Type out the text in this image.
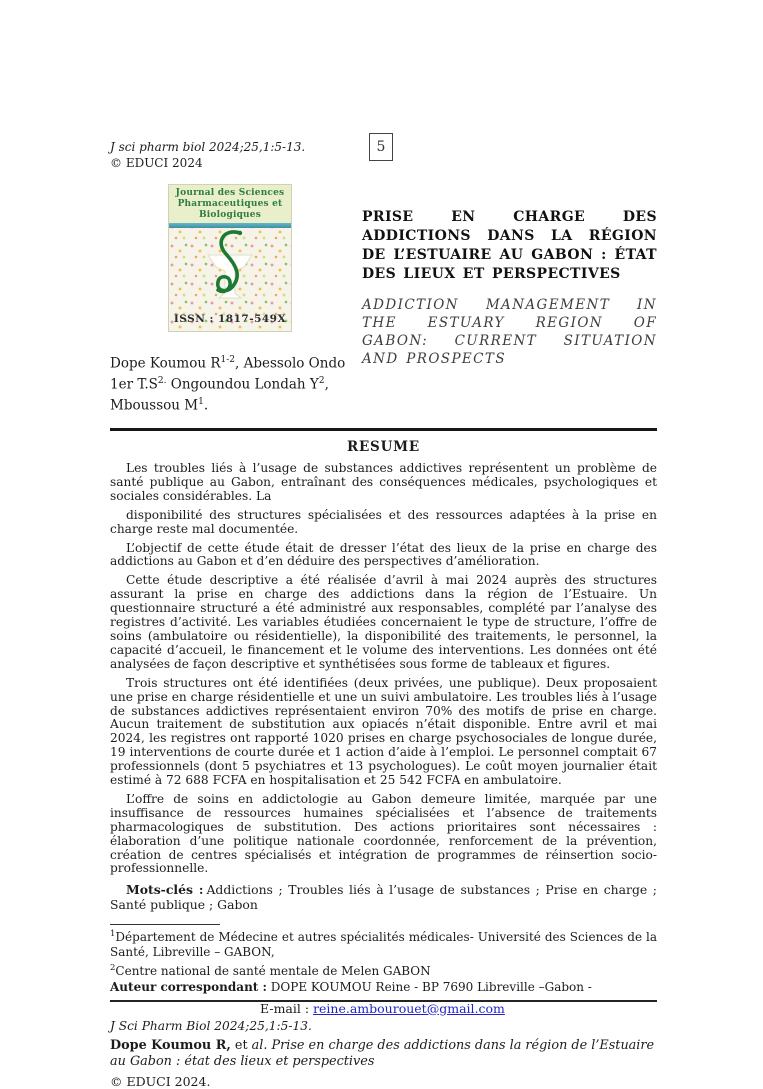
5
J sci pharm biol 2024;25,1:5-13.
© EDUCI 2024
Journal des Sciences
Pharmaceutiques et Biologiques
ISSN : 1817-549X
Dope Koumou $R^{1-2}$, Abessolo Ondo 1er $T.S^{2.}$ Ongoundou Londah $Y^2$, Mboussou $M^1$.
PRISE EN CHARGE DES ADDICTIONS DANS LA RÉGION DE L’ESTUAIRE AU GABON : ÉTAT DES LIEUX ET PERSPECTIVES
ADDICTION MANAGEMENT IN THE ESTUARY REGION OF GABON: CURRENT SITUATION AND PROSPECTS
RESUME

Les troubles liés à l’usage de substances addictives représentent un problème de santé publique au Gabon, entraînant des conséquences médicales, psychologiques et sociales considérables. La

disponibilité des structures spécialisées et des ressources adaptées à la prise en charge reste mal documentée.

L’objectif de cette étude était de dresser l’état des lieux de la prise en charge des addictions au Gabon et d’en déduire des perspectives d’amélioration.

Cette étude descriptive a été réalisée d’avril à mai 2024 auprès des structures assurant la prise en charge des addictions dans la région de l’Estuaire. Un questionnaire structuré a été administré aux responsables, complété par l’analyse des registres d’activité. Les variables étudiées concernaient le type de structure, l’offre de soins (ambulatoire ou résidentielle), la disponibilité des traitements, le personnel, la capacité d’accueil, le financement et le volume des interventions. Les données ont été analysées de façon descriptive et synthétisées sous forme de tableaux et figures.

Trois structures ont été identifiées (deux privées, une publique). Deux proposaient une prise en charge résidentielle et une un suivi ambulatoire. Les troubles liés à l’usage de substances addictives représentaient environ 70% des motifs de prise en charge. Aucun traitement de substitution aux opiacés n’était disponible. Entre avril et mai 2024, les registres ont rapporté 1020 prises en charge psychosociales de longue durée, 19 interventions de courte durée et 1 action d’aide à l’emploi. Le personnel comptait 67 professionnels (dont 5 psychiatres et 13 psychologues). Le coût moyen journalier était estimé à 72 688 FCFA en hospitalisation et 25 542 FCFA en ambulatoire.

L’offre de soins en addictologie au Gabon demeure limitée, marquée par une insuffisance de ressources humaines spécialisées et l’absence de traitements pharmacologiques de substitution. Des actions prioritaires sont nécessaires : élaboration d’une politique nationale coordonnée, renforcement de la prévention, création de centres spécialisés et intégration de programmes de réinsertion socio-professionnelle.

Mots-clés : Addictions ; Troubles liés à l’usage de substances ; Prise en charge ; Santé publique ; Gabon

$^1$Département de Médecine et autres spécialités médicales- Université des Sciences de la Santé, Libreville – GABON,

$^2$Centre national de santé mentale de Melen GABON

Auteur correspondant : DOPE KOUMOU Reine - BP 7690 Libreville –Gabon -

E-mail : reine.ambourouet@gmail.com

J Sci Pharm Biol 2024;25,1:5-13.

Dope Koumou R, et al. Prise en charge des addictions dans la région de l’Estuaire au Gabon : état des lieux et perspectives

© EDUCI 2024.
